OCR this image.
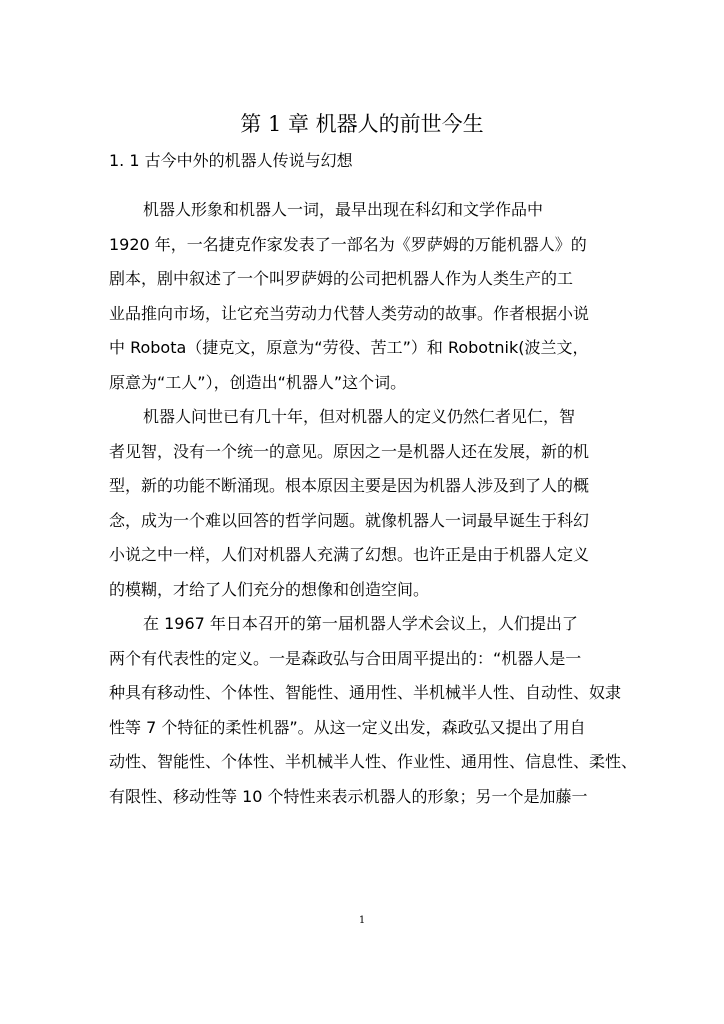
第 1 章 机器人的前世今生
1. 1 古今中外的机器人传说与幻想
机器人形象和机器人一词，最早出现在科幻和文学作品中
1920 年，一名捷克作家发表了一部名为《罗萨姆的万能机器人》的
剧本，剧中叙述了一个叫罗萨姆的公司把机器人作为人类生产的工
业品推向市场，让它充当劳动力代替人类劳动的故事。作者根据小说
中 Robota（捷克文，原意为“劳役、苦工”）和 Robotnik(波兰文，
原意为“工人”），创造出“机器人”这个词。
机器人问世已有几十年，但对机器人的定义仍然仁者见仁，智
者见智，没有一个统一的意见。原因之一是机器人还在发展，新的机
型，新的功能不断涌现。根本原因主要是因为机器人涉及到了人的概
念，成为一个难以回答的哲学问题。就像机器人一词最早诞生于科幻
小说之中一样，人们对机器人充满了幻想。也许正是由于机器人定义
的模糊，才给了人们充分的想像和创造空间。
在 1967 年日本召开的第一届机器人学术会议上，人们提出了
两个有代表性的定义。一是森政弘与合田周平提出的：“机器人是一
种具有移动性、个体性、智能性、通用性、半机械半人性、自动性、奴隶
性等 7 个特征的柔性机器”。从这一定义出发，森政弘又提出了用自
动性、智能性、个体性、半机械半人性、作业性、通用性、信息性、柔性、
有限性、移动性等 10 个特性来表示机器人的形象；另一个是加藤一
1
